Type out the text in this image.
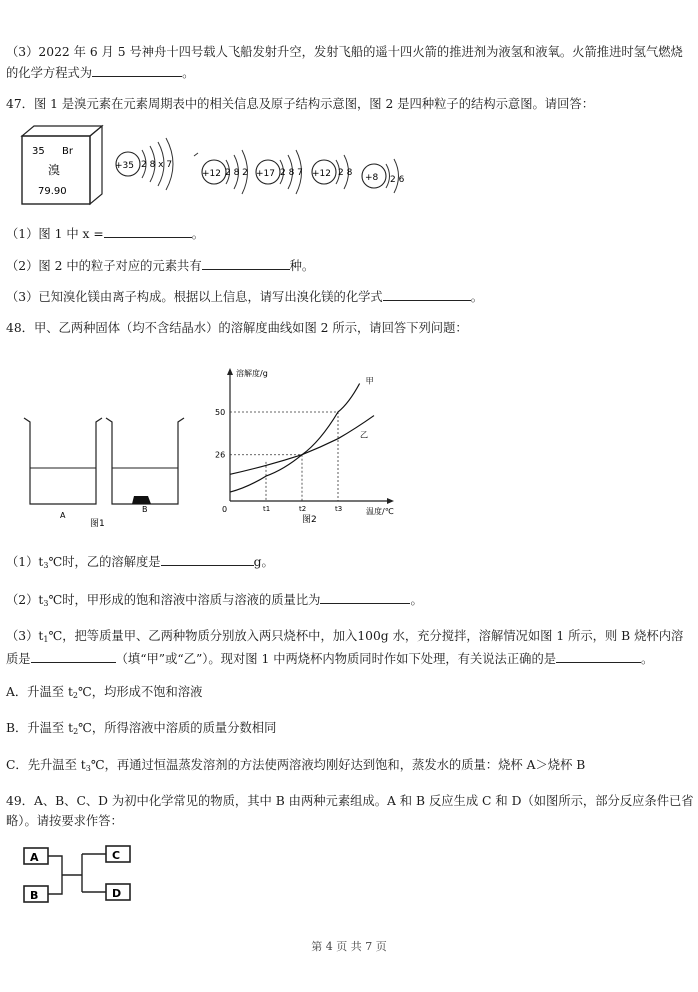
（3）2022 年 6 月 5 号神舟十四号载人飞船发射升空，发射飞船的遥十四火箭的推进剂为液氢和液氧。火箭推进时氢气燃烧
的化学方程式为	。
47．图 1 是溴元素在元素周期表中的相关信息及原子结构示意图，图 2 是四种粒子的结构示意图。请回答：
35 Br
溴
79.90
+35 2 8 x 7
+12 2 8 2 +17 2 8 7 +12 2 8 +8 2 6
（1）图 1 中 x =	。
（2）图 2 中的粒子对应的元素共有	种。
（3）已知溴化镁由离子构成。根据以上信息，请写出溴化镁的化学式	。
48．甲、乙两种固体（均不含结晶水）的溶解度曲线如图 2 所示，请回答下列问题：
A
B
图1
溶解度/g
温度/℃
0
图2
甲
乙
26
50
t1	t2	t3
$(1)t_3℃$时，乙的溶解度是	g。
$(2)t_3℃$时，甲形成的饱和溶液中溶质与溶液的质量比为	。
$(3)t_1℃$，把等质量甲、乙两种物质分别放入两只烧杯中，加入100g 水，充分搅拌，溶解情况如图 1 所示，则 B 烧杯内溶
质是	（填“甲”或“乙”）。现对图 1 中两烧杯内物质同时作如下处理，有关说法正确的是	。
A．升温至 $t_2℃$，均形成不饱和溶液
B．升温至 $t_2℃$，所得溶液中溶质的质量分数相同
C．先升温至 $t_3℃$，再通过恒温蒸发溶剂的方法使两溶液均刚好达到饱和，蒸发水的质量：烧杯 A＞烧杯 B
49．A、B、C、D 为初中化学常见的物质，其中 B 由两种元素组成。A 和 B 反应生成 C 和 D（如图所示，部分反应条件已省
略）。请按要求作答：
A
B
C
D
第 4 页 共 7 页
